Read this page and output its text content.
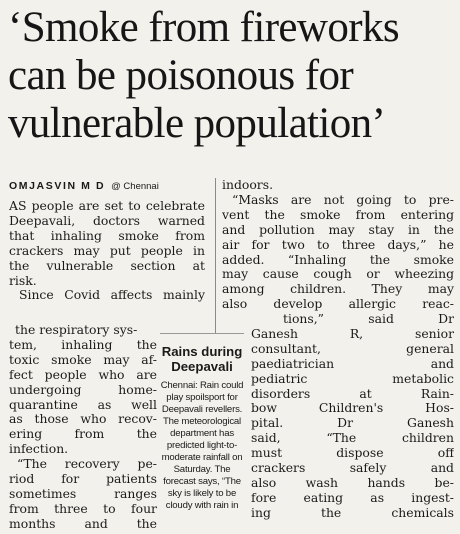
‘Smoke from fireworks
can be poisonous for
vulnerable population’
OMJASVIN M D @ Chennai
AS people are set to celebrate
Deepavali, doctors warned
that inhaling smoke from
crackers may put people in
the vulnerable section at
risk.
Since Covid affects mainly
the respiratory sys-
tem, inhaling the
toxic smoke may af-
fect people who are
undergoing home-
quarantine as well
as those who recov-
ering from the
infection.
“The recovery pe-
riod for patients
sometimes ranges
from three to four
months and the
Rains during
Deepavali
Chennai: Rain could
play spoilsport for
Deepavali revellers.
The meteorological
department has
predicted light-to-
moderate rainfall on
Saturday. The
forecast says, “The
sky is likely to be
cloudy with rain in
indoors.
“Masks are not going to pre-
vent the smoke from entering
and pollution may stay in the
air for two to three days,” he
added. “Inhaling the smoke
may cause cough or wheezing
among children. They may
also develop allergic reac-
tions,” said Dr
Ganesh R, senior
consultant, general
paediatrician and
pediatric metabolic
disorders at Rain-
bow Children's Hos-
pital. Dr Ganesh
said, “The children
must dispose off
crackers safely and
also wash hands be-
fore eating as ingest-
ing the chemicals
